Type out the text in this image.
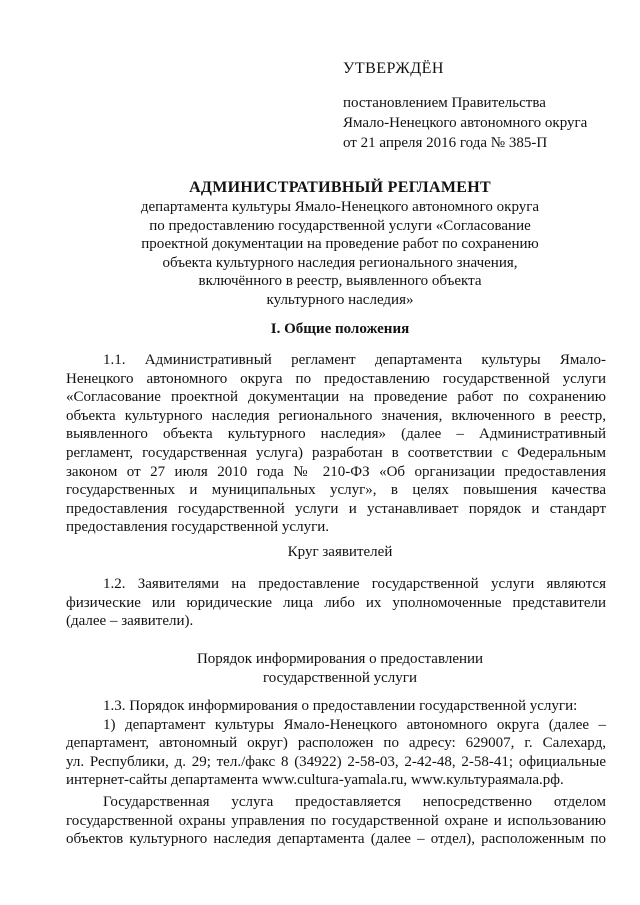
УТВЕРЖДЁН
постановлением Правительства
Ямало-Ненецкого автономного округа
от 21 апреля 2016 года № 385-П
АДМИНИСТРАТИВНЫЙ РЕГЛАМЕНТ
департамента культуры Ямало-Ненецкого автономного округа
по предоставлению государственной услуги «Согласование
проектной документации на проведение работ по сохранению
объекта культурного наследия регионального значения,
включённого в реестр, выявленного объекта
культурного наследия»
I. Общие положения
1.1. Административный регламент департамента культуры Ямало-
Ненецкого автономного округа по предоставлению государственной услуги
«Согласование проектной документации на проведение работ по сохранению
объекта культурного наследия регионального значения, включенного в реестр,
выявленного объекта культурного наследия» (далее – Административный
регламент, государственная услуга) разработан в соответствии с Федеральным
законом от 27 июля 2010 года № 210-ФЗ «Об организации предоставления
государственных и муниципальных услуг», в целях повышения качества
предоставления государственной услуги и устанавливает порядок и стандарт
предоставления государственной услуги.
Круг заявителей
1.2. Заявителями на предоставление государственной услуги являются
физические или юридические лица либо их уполномоченные представители
(далее – заявители).
Порядок информирования о предоставлении
государственной услуги
1.3. Порядок информирования о предоставлении государственной услуги:
1) департамент культуры Ямало-Ненецкого автономного округа (далее –
департамент, автономный округ) расположен по адресу: 629007, г. Салехард,
ул. Республики, д. 29; тел./факс 8 (34922) 2-58-03, 2-42-48, 2-58-41; официальные
интернет-сайты департамента www.cultura-yamala.ru, www.культураямала.рф.
Государственная услуга предоставляется непосредственно отделом
государственной охраны управления по государственной охране и использованию
объектов культурного наследия департамента (далее – отдел), расположенным по
